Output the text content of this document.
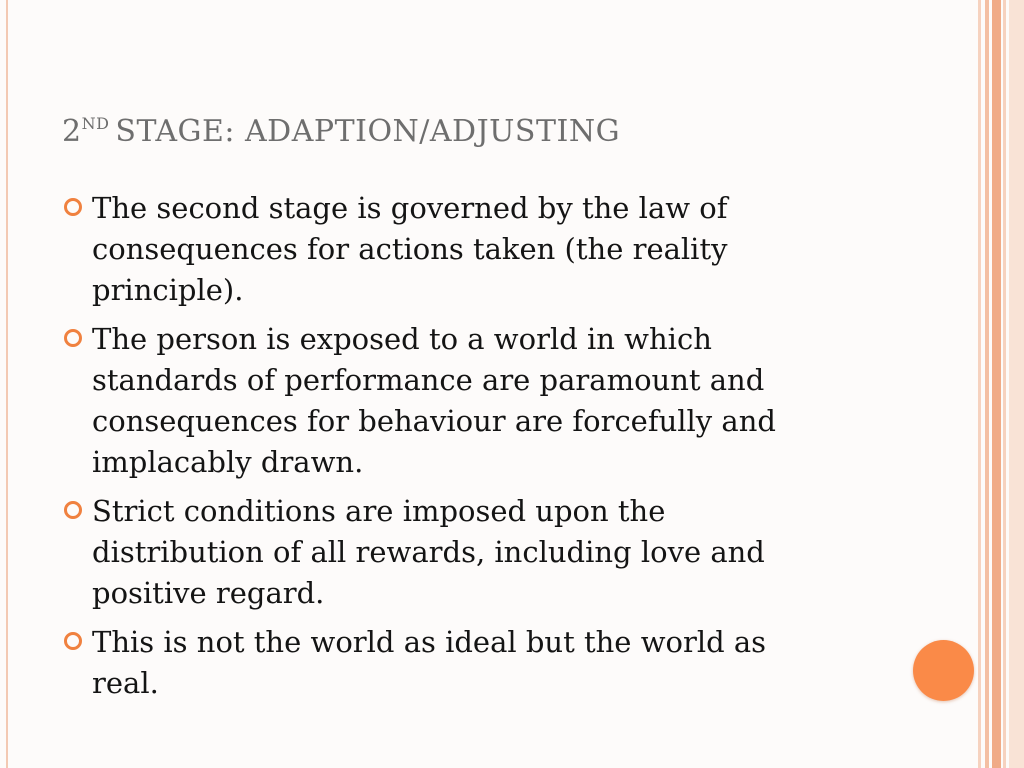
2ND STAGE: ADAPTION/ADJUSTING
The second stage is governed by the law of consequences for actions taken (the reality principle).
The person is exposed to a world in which standards of performance are paramount and consequences for behaviour are forcefully and implacably drawn.
Strict conditions are imposed upon the distribution of all rewards, including love and positive regard.
This is not the world as ideal but the world as real.
